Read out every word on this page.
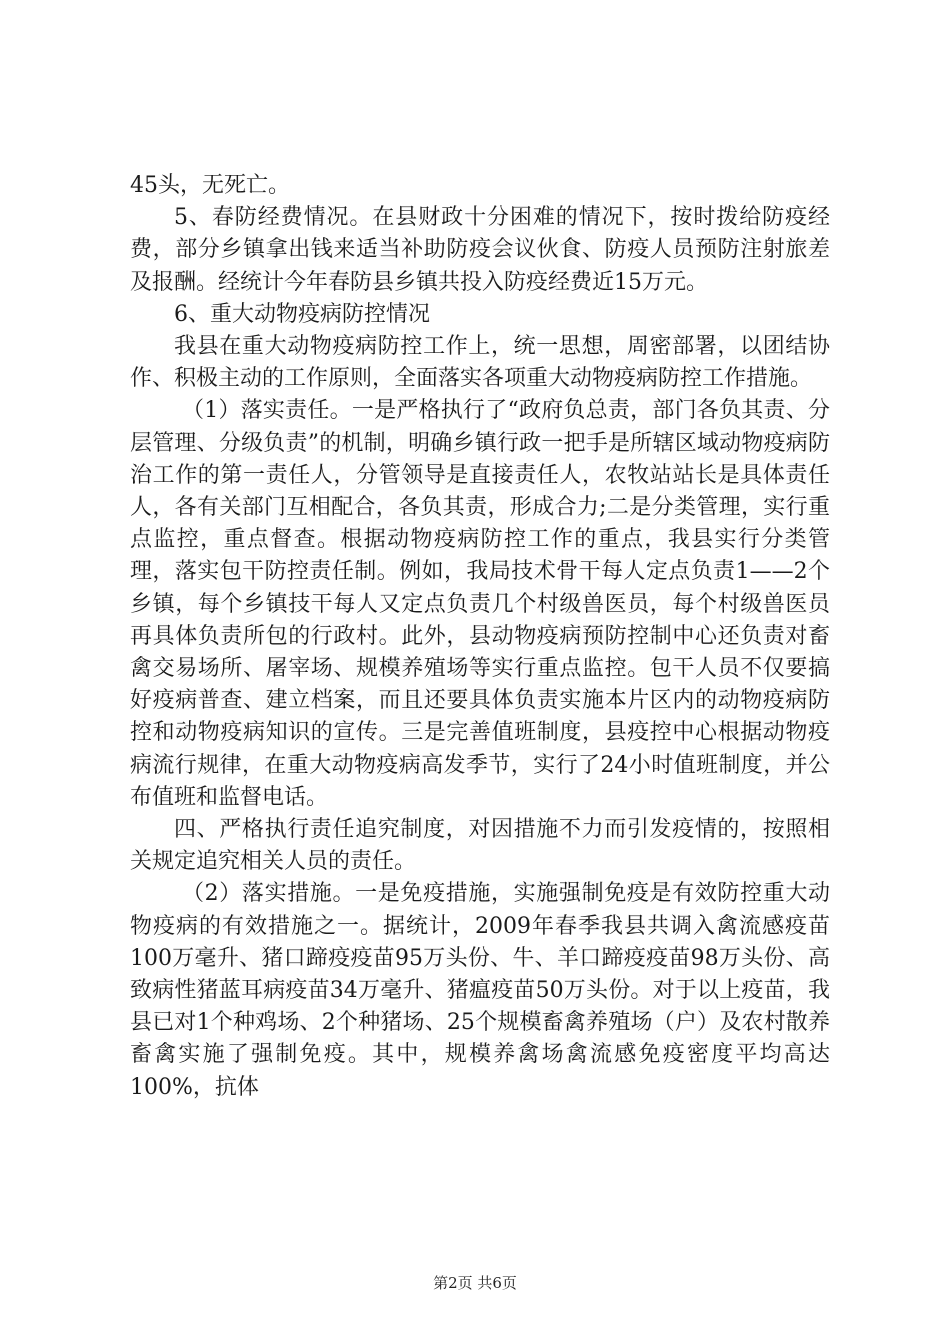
45头，无死亡。

5、春防经费情况。在县财政十分困难的情况下，按时拨给防疫经费，部分乡镇拿出钱来适当补助防疫会议伙食、防疫人员预防注射旅差及报酬。经统计今年春防县乡镇共投入防疫经费近15万元。

6、重大动物疫病防控情况

我县在重大动物疫病防控工作上，统一思想，周密部署，以团结协作、积极主动的工作原则，全面落实各项重大动物疫病防控工作措施。

（1）落实责任。一是严格执行了“政府负总责，部门各负其责、分层管理、分级负责”的机制，明确乡镇行政一把手是所辖区域动物疫病防治工作的第一责任人，分管领导是直接责任人，农牧站站长是具体责任人，各有关部门互相配合，各负其责，形成合力;二是分类管理，实行重点监控，重点督查。根据动物疫病防控工作的重点，我县实行分类管理，落实包干防控责任制。例如，我局技术骨干每人定点负责1——2个乡镇，每个乡镇技干每人又定点负责几个村级兽医员，每个村级兽医员再具体负责所包的行政村。此外，县动物疫病预防控制中心还负责对畜禽交易场所、屠宰场、规模养殖场等实行重点监控。包干人员不仅要搞好疫病普查、建立档案，而且还要具体负责实施本片区内的动物疫病防控和动物疫病知识的宣传。三是完善值班制度，县疫控中心根据动物疫病流行规律，在重大动物疫病高发季节，实行了24小时值班制度，并公布值班和监督电话。

四、严格执行责任追究制度，对因措施不力而引发疫情的，按照相关规定追究相关人员的责任。

（2）落实措施。一是免疫措施，实施强制免疫是有效防控重大动物疫病的有效措施之一。据统计，2009年春季我县共调入禽流感疫苗100万毫升、猪口蹄疫疫苗95万头份、牛、羊口蹄疫疫苗98万头份、高致病性猪蓝耳病疫苗34万毫升、猪瘟疫苗50万头份。对于以上疫苗，我县已对1个种鸡场、2个种猪场、25个规模畜禽养殖场（户）及农村散养畜禽实施了强制免疫。其中，规模养禽场禽流感免疫密度平均高达100%，抗体

第2页 共6页
